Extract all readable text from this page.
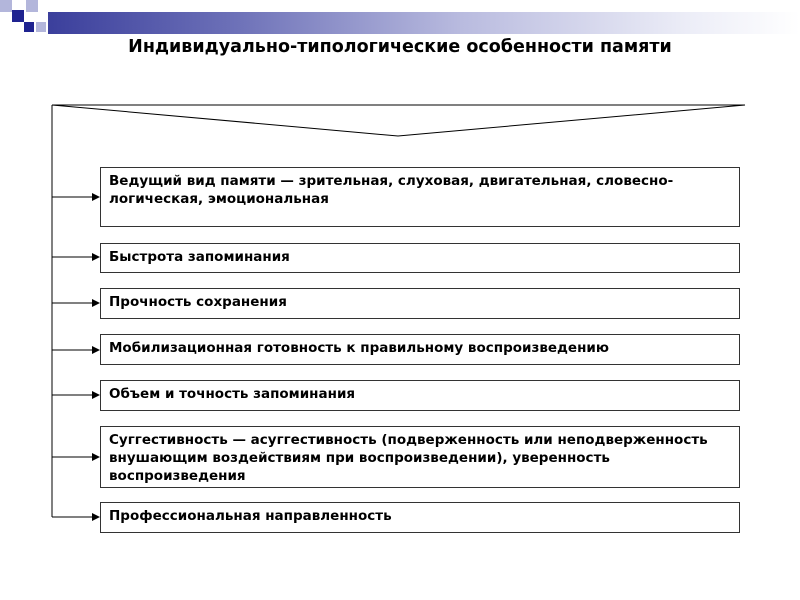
Индивидуально-типологические особенности памяти
Ведущий вид памяти — зрительная, слуховая, двигательная, словесно-логическая, эмоциональная
Быстрота запоминания
Прочность сохранения
Мобилизационная готовность к правильному воспроизведению
Объем и точность запоминания
Суггестивность — асуггестивность (подверженность или неподверженность внушающим воздействиям при воспроизведении), уверенность воспроизведения
Профессиональная направленность
